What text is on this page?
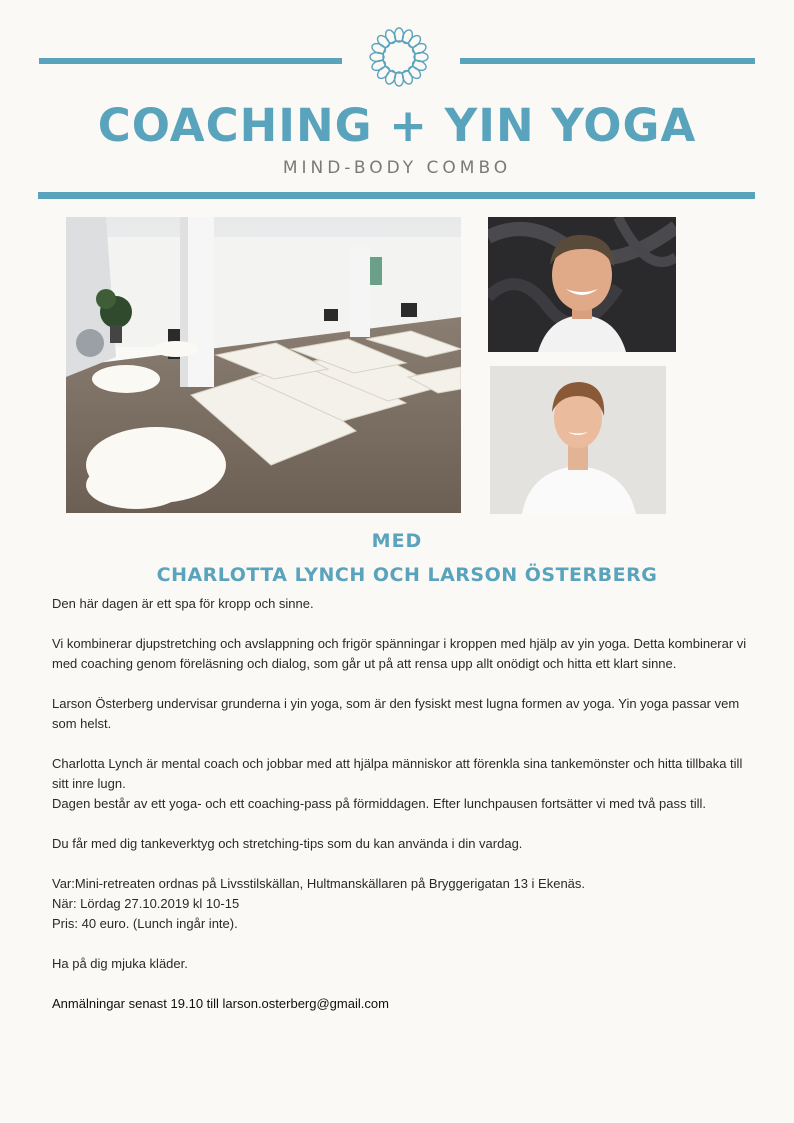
COACHING + YIN YOGA
MIND-BODY COMBO
MED
CHARLOTTA LYNCH OCH LARSON ÖSTERBERG

Den här dagen är ett spa för kropp och sinne.

Vi kombinerar djupstretching och avslappning och frigör spänningar i kroppen med hjälp av yin yoga. Detta kombinerar vi med coaching genom föreläsning och dialog, som går ut på att rensa upp allt onödigt och hitta ett klart sinne.

Larson Österberg undervisar grunderna i yin yoga, som är den fysiskt mest lugna formen av yoga. Yin yoga passar vem som helst.

Charlotta Lynch är mental coach och jobbar med att hjälpa människor att förenkla sina tankemönster och hitta tillbaka till sitt inre lugn.

Dagen består av ett yoga- och ett coaching-pass på förmiddagen. Efter lunchpausen fortsätter vi med två pass till.

Du får med dig tankeverktyg och stretching-tips som du kan använda i din vardag.

Var:Mini-retreaten ordnas på Livsstilskällan, Hultmanskällaren på Bryggerigatan 13 i Ekenäs.

När: Lördag 27.10.2019 kl 10-15

Pris: 40 euro. (Lunch ingår inte).

Ha på dig mjuka kläder.

Anmälningar senast 19.10 till larson.osterberg@gmail.com
